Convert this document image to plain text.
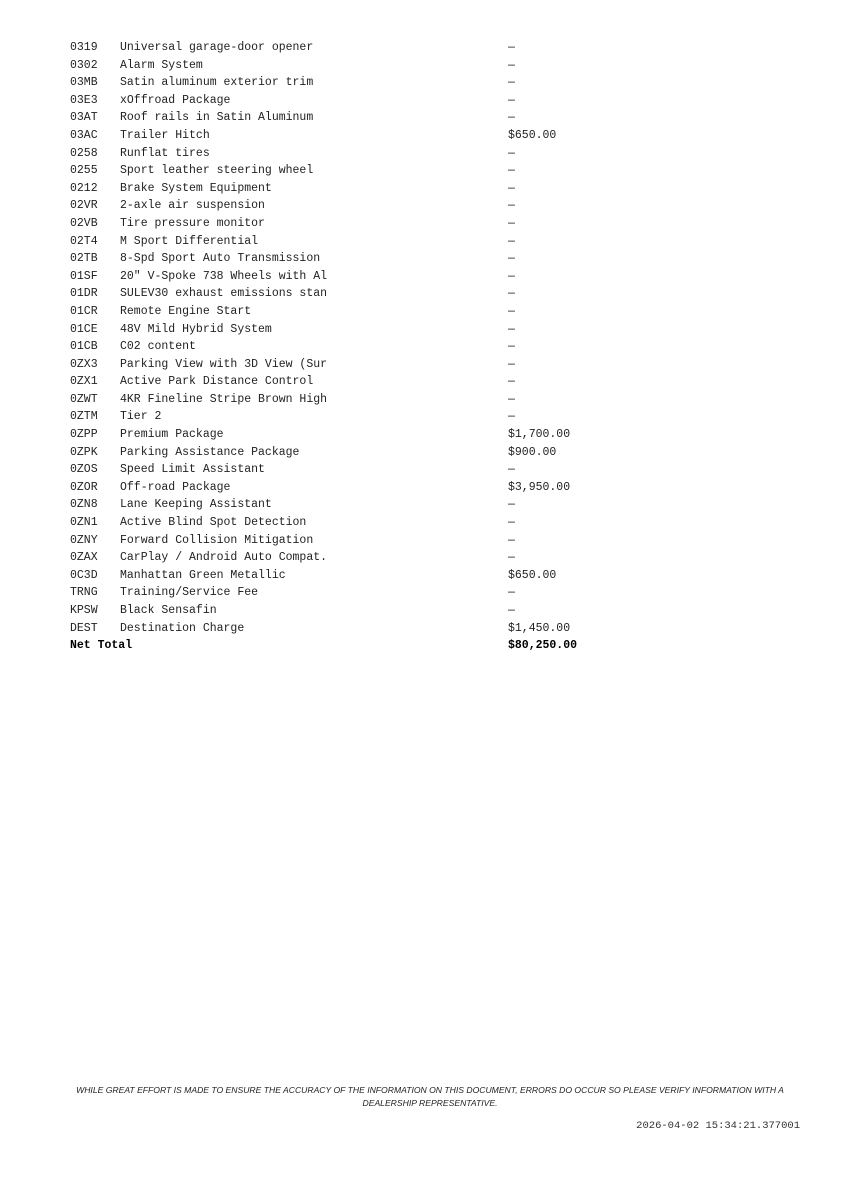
0319	Universal garage-door opener	—
0302	Alarm System	—
03MB	Satin aluminum exterior trim	—
03E3	xOffroad Package	—
03AT	Roof rails in Satin Aluminum	—
03AC	Trailer Hitch	$650.00
0258	Runflat tires	—
0255	Sport leather steering wheel	—
0212	Brake System Equipment	—
02VR	2-axle air suspension	—
02VB	Tire pressure monitor	—
02T4	M Sport Differential	—
02TB	8-Spd Sport Auto Transmission	—
01SF	20" V-Spoke 738 Wheels with Al	—
01DR	SULEV30 exhaust emissions stan	—
01CR	Remote Engine Start	—
01CE	48V Mild Hybrid System	—
01CB	C02 content	—
0ZX3	Parking View with 3D View (Sur	—
0ZX1	Active Park Distance Control	—
0ZWT	4KR Fineline Stripe Brown High	—
0ZTM	Tier 2	—
0ZPP	Premium Package	$1,700.00
0ZPK	Parking Assistance Package	$900.00
0ZOS	Speed Limit Assistant	—
0ZOR	Off-road Package	$3,950.00
0ZN8	Lane Keeping Assistant	—
0ZN1	Active Blind Spot Detection	—
0ZNY	Forward Collision Mitigation	—
0ZAX	CarPlay / Android Auto Compat.	—
0C3D	Manhattan Green Metallic	$650.00
TRNG	Training/Service Fee	—
KPSW	Black Sensafin	—
DEST	Destination Charge	$1,450.00
Net Total	$80,250.00
WHILE GREAT EFFORT IS MADE TO ENSURE THE ACCURACY OF THE INFORMATION ON THIS DOCUMENT, ERRORS DO OCCUR SO PLEASE VERIFY INFORMATION WITH A DEALERSHIP REPRESENTATIVE.
2026-04-02 15:34:21.377001
